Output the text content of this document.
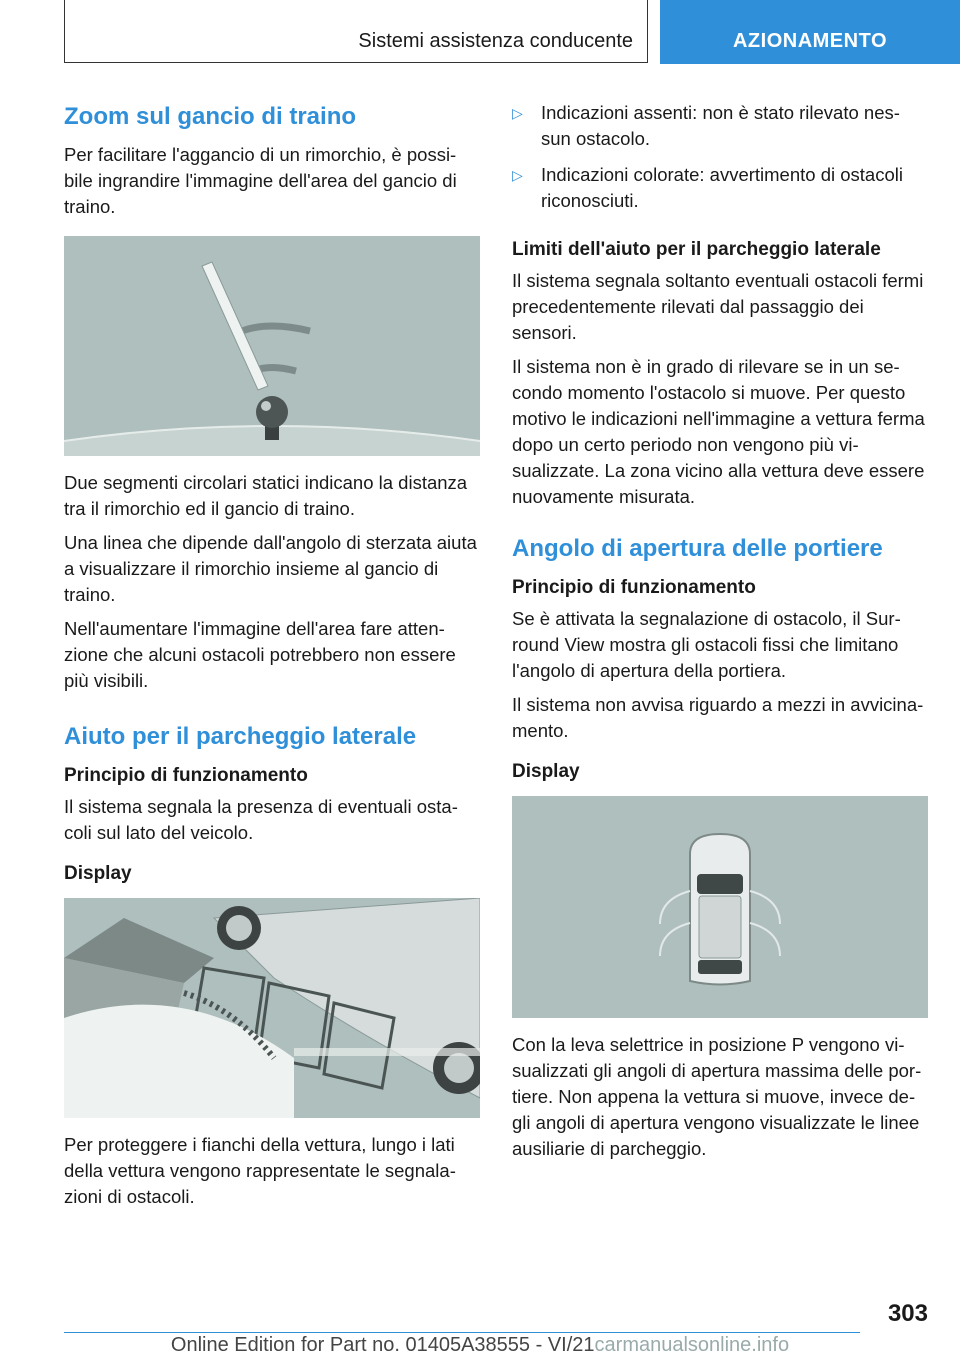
Sistemi assistenza conducente	AZIONAMENTO
Zoom sul gancio di traino

Per facilitare l'aggancio di un rimorchio, è possi-bile ingrandire l'immagine dell'area del gancio di traino.

Due segmenti circolari statici indicano la distanza tra il rimorchio ed il gancio di traino.

Una linea che dipende dall'angolo di sterzata aiuta a visualizzare il rimorchio insieme al gancio di traino.

Nell'aumentare l'immagine dell'area fare atten-zione che alcuni ostacoli potrebbero non essere più visibili.

Aiuto per il parcheggio laterale
Principio di funzionamento

Il sistema segnala la presenza di eventuali osta-coli sul lato del veicolo.

Display

Per proteggere i fianchi della vettura, lungo i lati della vettura vengono rappresentate le segnala-zioni di ostacoli.

▷ Indicazioni assenti: non è stato rilevato nes-sun ostacolo.
▷ Indicazioni colorate: avvertimento di ostacoli riconosciuti.
Limiti dell'aiuto per il parcheggio laterale

Il sistema segnala soltanto eventuali ostacoli fermi precedentemente rilevati dal passaggio dei sensori.

Il sistema non è in grado di rilevare se in un se-condo momento l'ostacolo si muove. Per questo motivo le indicazioni nell'immagine a vettura ferma dopo un certo periodo non vengono più vi-sualizzate. La zona vicino alla vettura deve essere nuovamente misurata.

Angolo di apertura delle portiere
Principio di funzionamento

Se è attivata la segnalazione di ostacolo, il Sur-round View mostra gli ostacoli fissi che limitano l'angolo di apertura della portiera.

Il sistema non avvisa riguardo a mezzi in avvicina-mento.

Display

Con la leva selettrice in posizione P vengono vi-sualizzati gli angoli di apertura massima delle por-tiere. Non appena la vettura si muove, invece de-gli angoli di apertura vengono visualizzate le linee ausiliarie di parcheggio.

303
Online Edition for Part no. 01405A38555 - VI/21carmanualsonline.info
